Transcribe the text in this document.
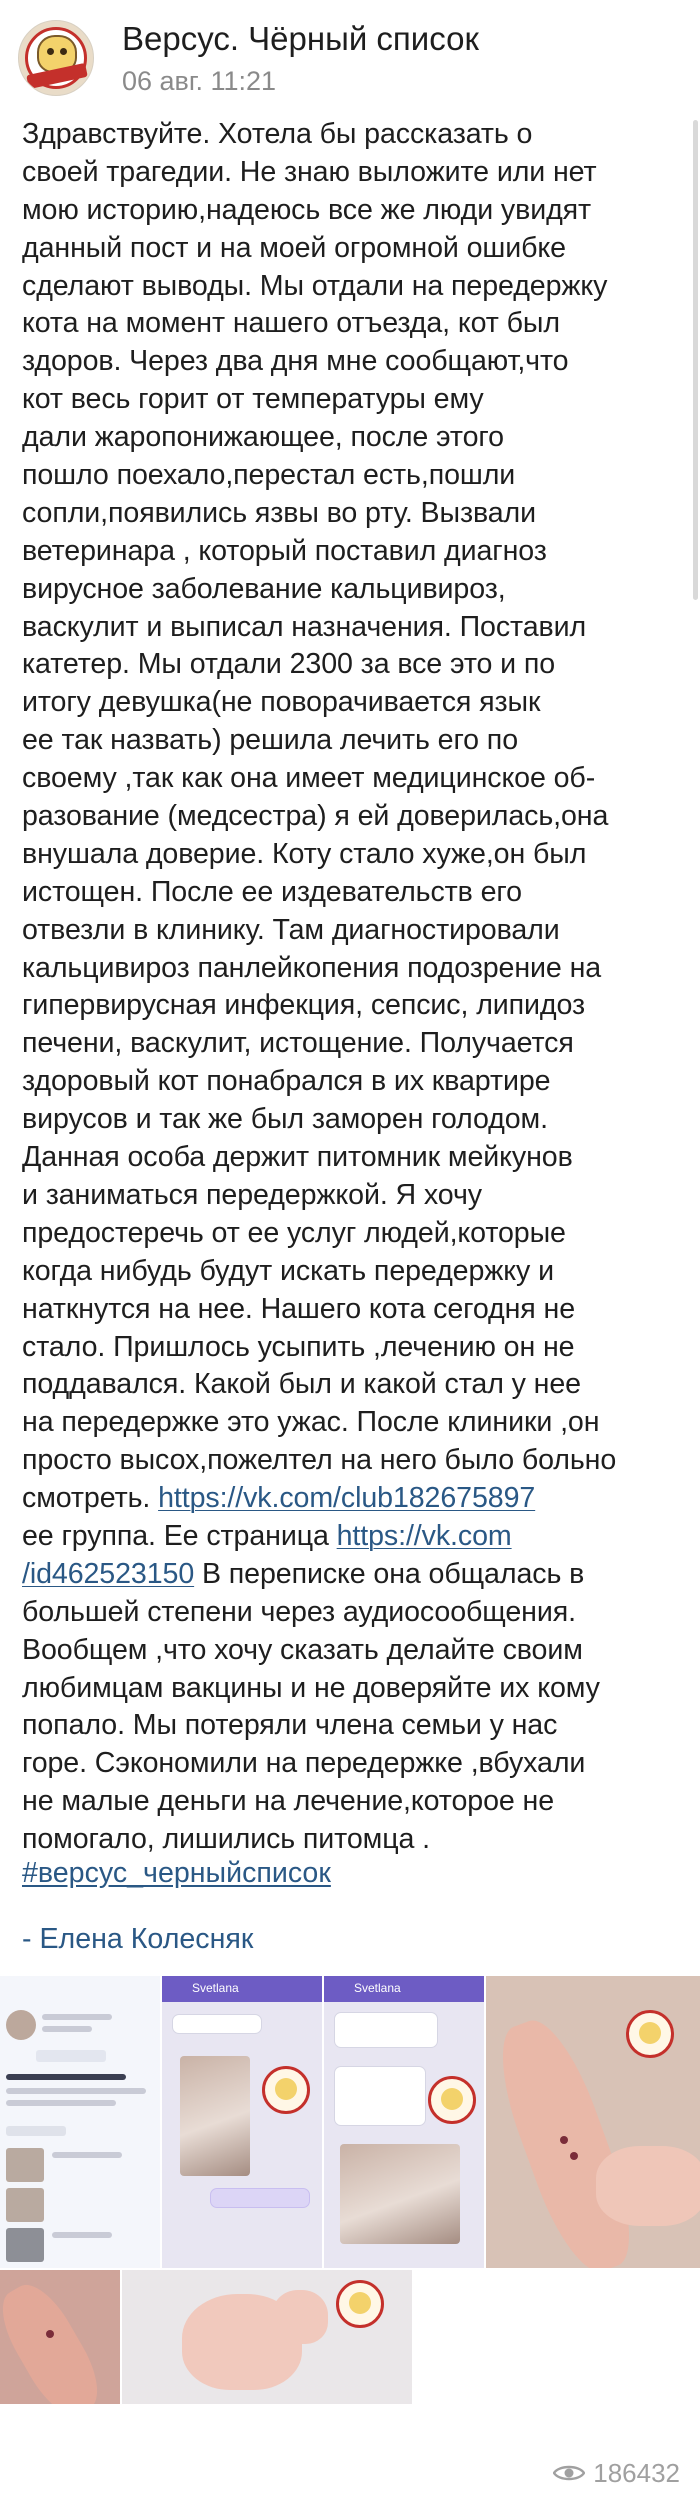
Версус. Чёрный список
06 авг. 11:21
Здравствуйте. Хотела бы рассказать о
своей трагедии. Не знаю выложите или нет
мою историю,надеюсь все же люди увидят
данный пост и на моей огромной ошибке
сделают выводы. Мы отдали на передержку
кота на момент нашего отъезда, кот был
здоров. Через два дня мне сообщают,что
кот весь горит от температуры ему
дали жаропонижающее, после этого
пошло поехало,перестал есть,пошли
сопли,появились язвы во рту. Вызвали
ветеринара , который поставил диагноз
вирусное заболевание кальцивироз,
васкулит и выписал назначения. Поставил
катетер. Мы отдали 2300 за все это и по
итогу девушка(не поворачивается язык
ее так назвать) решила лечить его по
своему ,так как она имеет медицинское об-
разование (медсестра) я ей доверилась,она
внушала доверие. Коту стало хуже,он был
истощен. После ее издевательств его
отвезли в клинику. Там диагностировали
кальцивироз панлейкопения подозрение на
гипервирусная инфекция, сепсис, липидоз
печени, васкулит, истощение. Получается
здоровый кот понабрался в их квартире
вирусов и так же был заморен голодом.
Данная особа держит питомник мейкунов
и заниматься передержкой. Я хочу
предостеречь от ее услуг людей,которые
когда нибудь будут искать передержку и
наткнутся на нее. Нашего кота сегодня не
стало. Пришлось усыпить ,лечению он не
поддавался. Какой был и какой стал у нее
на передержке это ужас. После клиники ,он
просто высох,пожелтел на него было больно
смотреть. https://vk.com/club182675897
ее группа. Ее страница https://vk.com
/id462523150 В переписке она общалась в
большей степени через аудиосообщения.
Вообщем ,что хочу сказать делайте своим
любимцам вакцины и не доверяйте их кому
попало. Мы потеряли члена семьи у нас
горе. Сэкономили на передержке ,вбухали
не малые деньги на лечение,которое не
помогало, лишились питомца .
#версус_черныйсписок
- Елена Колесняк
Svetlana	Svetlana
186432
